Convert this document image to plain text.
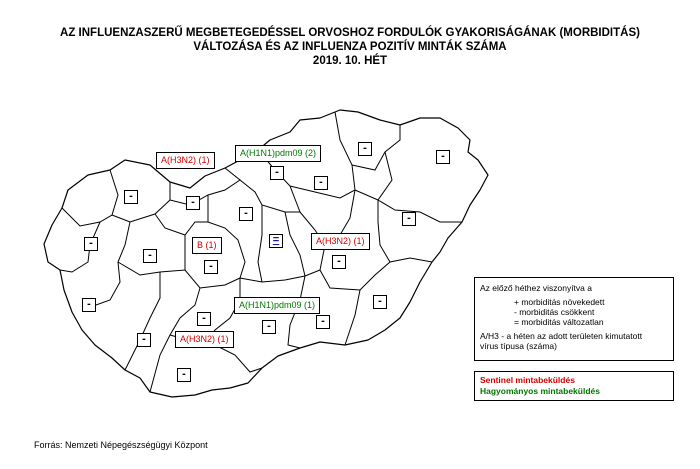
AZ INFLUENZASZERŰ MEGBETEGEDÉSSEL ORVOSHOZ FORDULÓK GYAKORISÁGÁNAK (MORBIDITÁS)
VÁLTOZÁSA ÉS AZ INFLUENZA POZITÍV MINTÁK SZÁMA
2019. 10. HÉT
-	-
-
-
-
-
-
-
-
=
-
-	-
-	-
-
-	-
-
-
A(H3N2) (1)
A(H1N1)pdm09 (2)
B (1)	A(H3N2) (1)
A(H1N1)pdm09 (1)
A(H3N2) (1)
Az előző héthez viszonyítva a
+ morbiditás növekedett
- morbiditás csökkent
= morbiditás változatlan
A/H3 - a héten az adott területen kimutatott
vírus típusa (száma)
Sentinel mintabeküldés
Hagyományos mintabeküldés
Forrás: Nemzeti Népegészségügyi Központ
